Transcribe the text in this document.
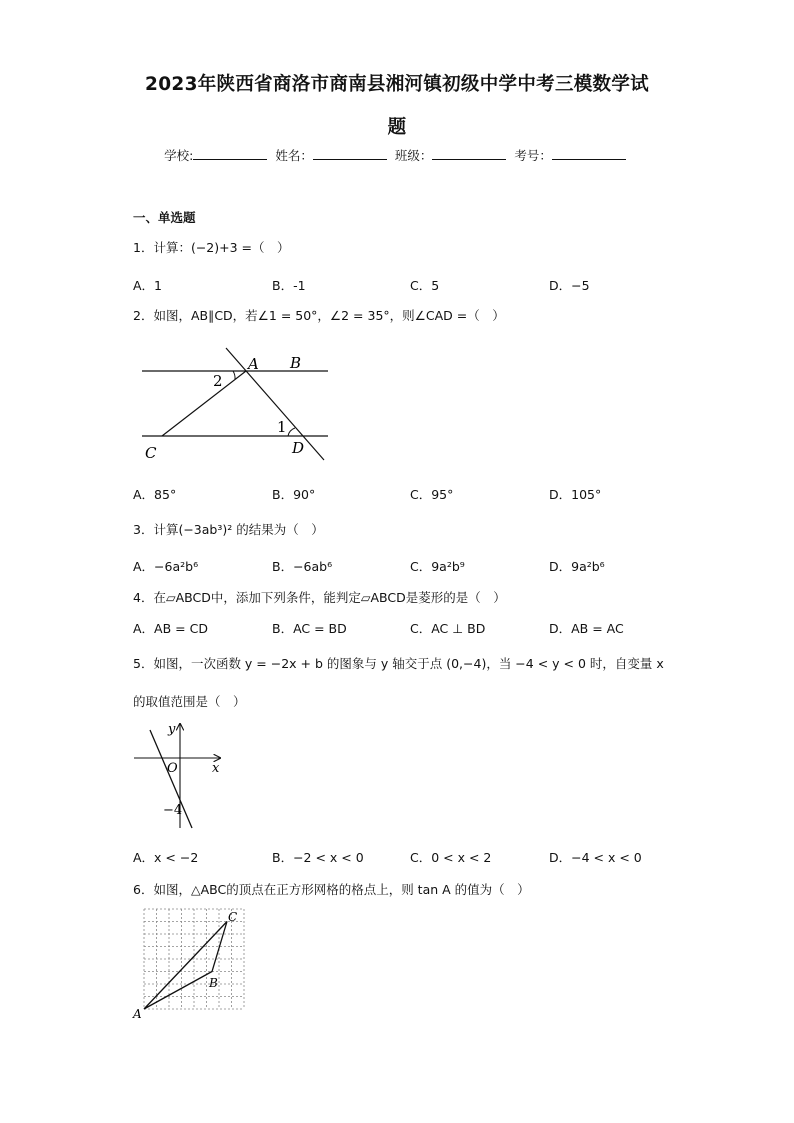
2023年陕西省商洛市商南县湘河镇初级中学中考三模数学试
题
学校:	姓名：	班级：	考号：
一、单选题
1．计算：(−2)+3 =（　）
A．1	B．-1	C．5	D．−5
2．如图，AB∥CD，若∠1 = 50°，∠2 = 35°，则∠CAD =（　）
A B
C	D
1
2
A．85°	B．90°	C．95°	D．105°
3．计算(−3ab³)² 的结果为（　）
A．−6a²b⁶	B．−6ab⁶	C．9a²b⁹	D．9a²b⁶
4．在▱ABCD中，添加下列条件，能判定▱ABCD是菱形的是（　）
A．AB = CD	B．AC = BD	C．AC ⊥ BD	D．AB = AC
5．如图，一次函数 y = −2x + b 的图象与 y 轴交于点 (0,−4)，当 −4 < y < 0 时，自变量 x
的取值范围是（　）
y
x
O
−4
A．x < −2	B．−2 < x < 0	C．0 < x < 2	D．−4 < x < 0
6．如图，△ABC的顶点在正方形网格的格点上，则 tan A 的值为（　）
A
B
C
